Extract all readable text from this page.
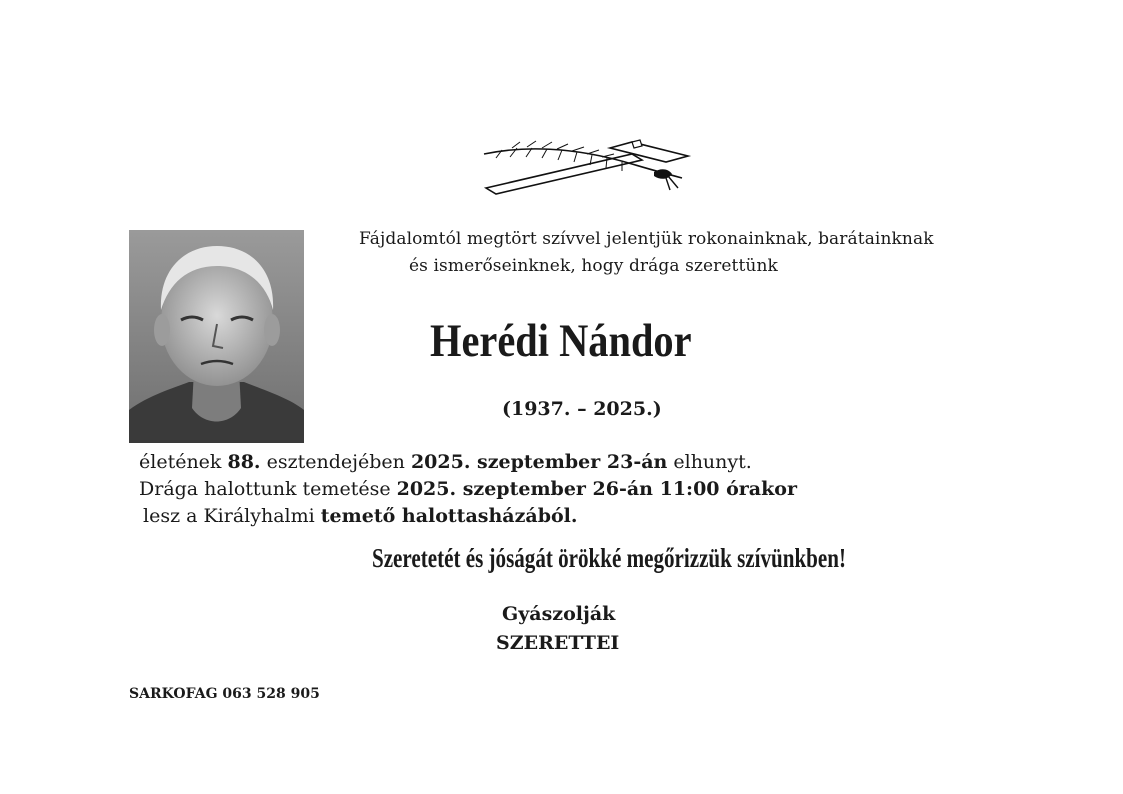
Fájdalomtól megtört szívvel jelentjük rokonainknak, barátainknak
és ismerőseinknek, hogy drága szerettünk
Herédi Nándor
(1937. – 2025.)
életének 88. esztendejében 2025. szeptember 23-án elhunyt.
Drága halottunk temetése 2025. szeptember 26-án 11:00 órakor
lesz a Királyhalmi temető halottasházából.
Szeretetét és jóságát örökké megőrizzük szívünkben!
Gyászolják
SZERETTEI
SARKOFAG 063 528 905
